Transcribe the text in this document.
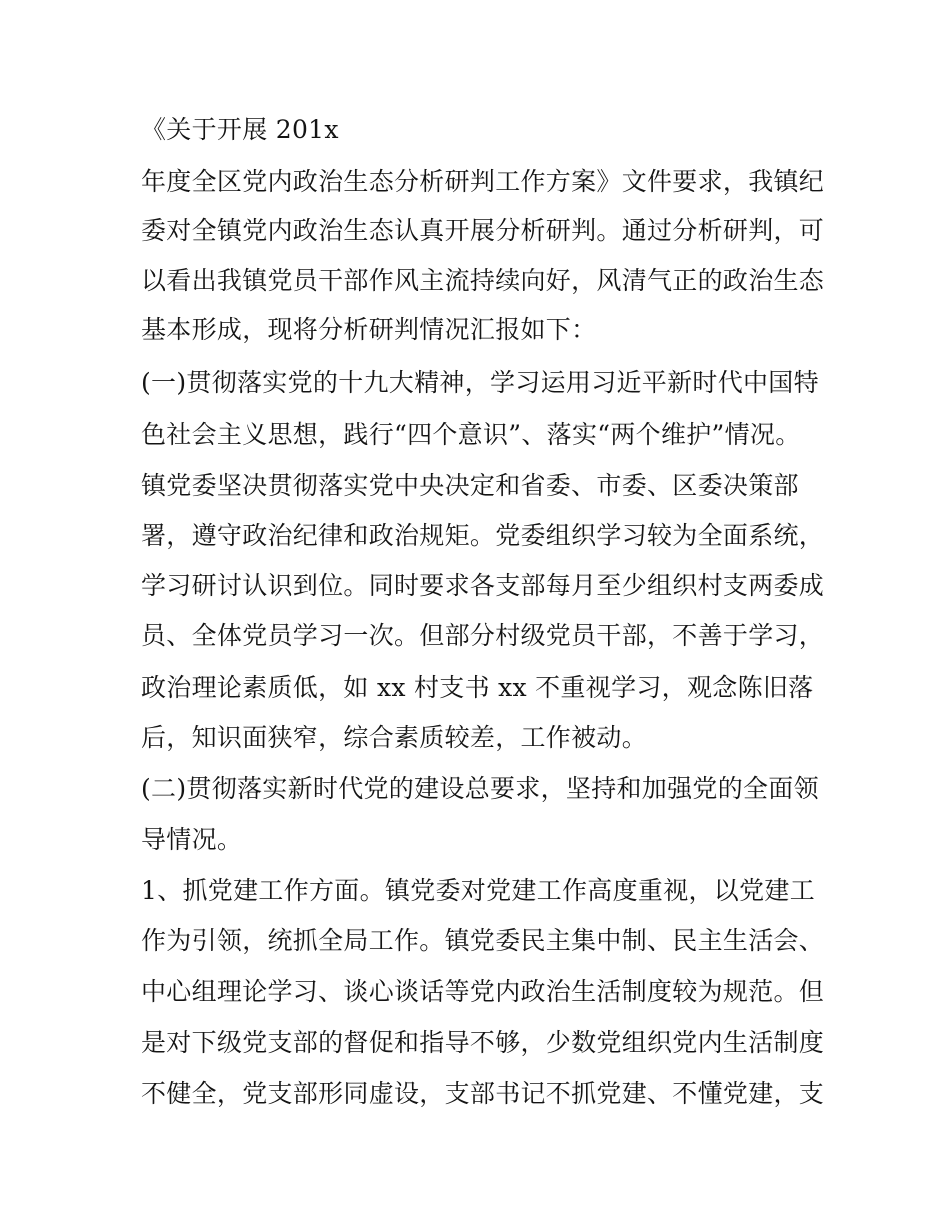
《关于开展 201x
年度全区党内政治生态分析研判工作方案》文件要求，我镇纪
委对全镇党内政治生态认真开展分析研判。通过分析研判，可
以看出我镇党员干部作风主流持续向好，风清气正的政治生态
基本形成，现将分析研判情况汇报如下：
(一)贯彻落实党的十九大精神，学习运用习近平新时代中国特
色社会主义思想，践行“四个意识”、落实“两个维护”情况。
镇党委坚决贯彻落实党中央决定和省委、市委、区委决策部
署，遵守政治纪律和政治规矩。党委组织学习较为全面系统，
学习研讨认识到位。同时要求各支部每月至少组织村支两委成
员、全体党员学习一次。但部分村级党员干部，不善于学习，
政治理论素质低，如 xx 村支书 xx 不重视学习，观念陈旧落
后，知识面狭窄，综合素质较差，工作被动。
(二)贯彻落实新时代党的建设总要求，坚持和加强党的全面领
导情况。
1、抓党建工作方面。镇党委对党建工作高度重视，以党建工
作为引领，统抓全局工作。镇党委民主集中制、民主生活会、
中心组理论学习、谈心谈话等党内政治生活制度较为规范。但
是对下级党支部的督促和指导不够，少数党组织党内生活制度
不健全，党支部形同虚设，支部书记不抓党建、不懂党建，支
